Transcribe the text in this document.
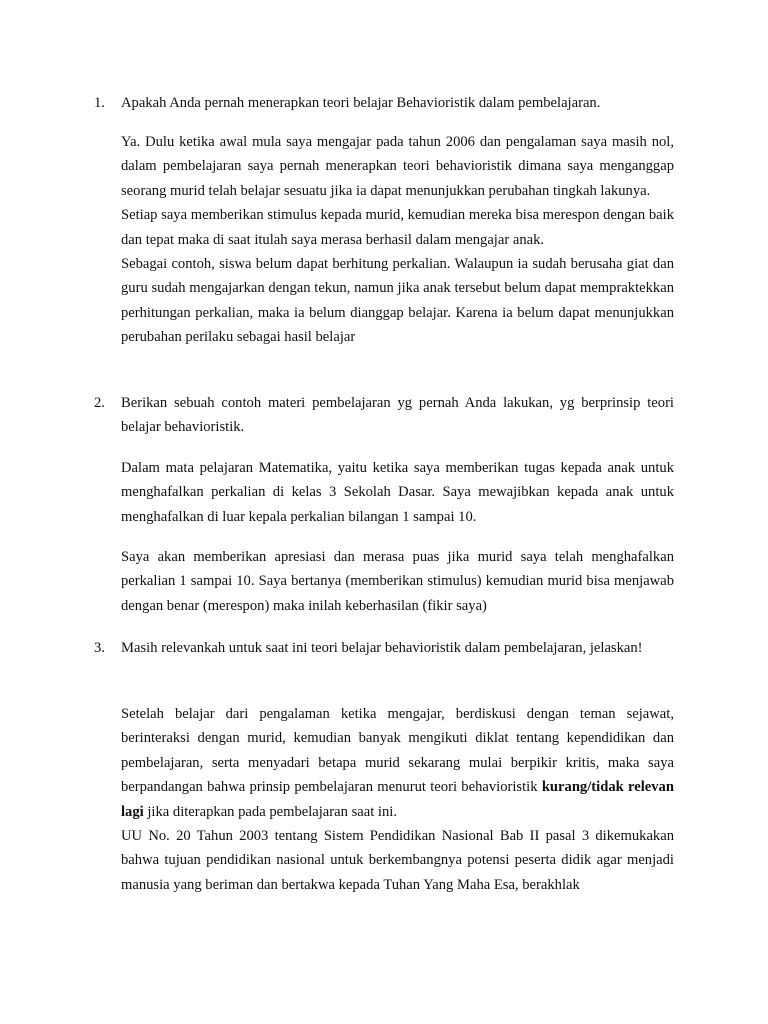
1. Apakah Anda pernah menerapkan teori belajar Behavioristik dalam pembelajaran.

Ya. Dulu ketika awal mula saya mengajar pada tahun 2006 dan pengalaman saya masih nol, dalam pembelajaran saya pernah menerapkan teori behavioristik dimana saya menganggap seorang murid telah belajar sesuatu jika ia dapat menunjukkan perubahan tingkah lakunya.

Setiap saya memberikan stimulus kepada murid, kemudian mereka bisa merespon dengan baik dan tepat maka di saat itulah saya merasa berhasil dalam mengajar anak.

Sebagai contoh, siswa belum dapat berhitung perkalian. Walaupun ia sudah berusaha giat dan guru sudah mengajarkan dengan tekun, namun jika anak tersebut belum dapat mempraktekkan perhitungan perkalian, maka ia belum dianggap belajar. Karena ia belum dapat menunjukkan perubahan perilaku sebagai hasil belajar

2. Berikan sebuah contoh materi pembelajaran yg pernah Anda lakukan, yg berprinsip teori belajar behavioristik.

Dalam mata pelajaran Matematika, yaitu ketika saya memberikan tugas kepada anak untuk menghafalkan perkalian di kelas 3 Sekolah Dasar. Saya mewajibkan kepada anak untuk menghafalkan di luar kepala perkalian bilangan 1 sampai 10.

Saya akan memberikan apresiasi dan merasa puas jika murid saya telah menghafalkan perkalian 1 sampai 10. Saya bertanya (memberikan stimulus) kemudian murid bisa menjawab dengan benar (merespon) maka inilah keberhasilan (fikir saya)

3. Masih relevankah untuk saat ini teori belajar behavioristik dalam pembelajaran, jelaskan!

Setelah belajar dari pengalaman ketika mengajar, berdiskusi dengan teman sejawat, berinteraksi dengan murid, kemudian banyak mengikuti diklat tentang kependidikan dan pembelajaran, serta menyadari betapa murid sekarang mulai berpikir kritis, maka saya berpandangan bahwa prinsip pembelajaran menurut teori behavioristik kurang/tidak relevan lagi jika diterapkan pada pembelajaran saat ini.

UU No. 20 Tahun 2003 tentang Sistem Pendidikan Nasional Bab II pasal 3 dikemukakan bahwa tujuan pendidikan nasional untuk berkembangnya potensi peserta didik agar menjadi manusia yang beriman dan bertakwa kepada Tuhan Yang Maha Esa, berakhlak
